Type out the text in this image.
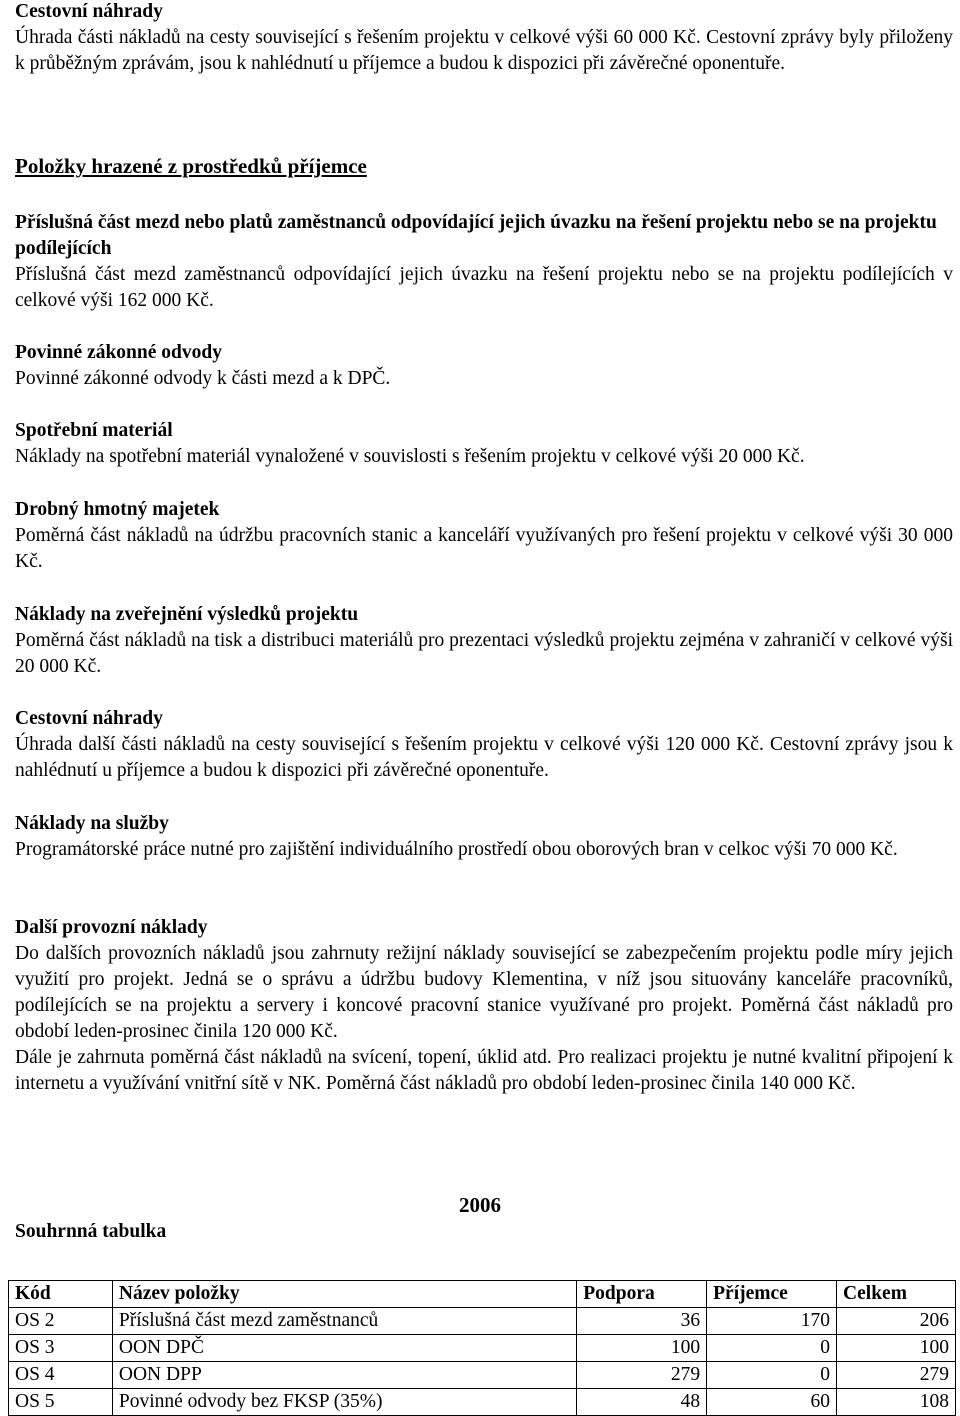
Cestovní náhrady
Úhrada části nákladů na cesty související s řešením projektu v celkové výši 60 000 Kč. Cestovní zprávy byly přiloženy k průběžným zprávám, jsou k nahlédnutí u příjemce a budou k dispozici při závěrečné oponentuře.
Položky hrazené z prostředků příjemce
Příslušná část mezd nebo platů zaměstnanců odpovídající jejich úvazku na řešení projektu nebo se na projektu podílejících
Příslušná část mezd zaměstnanců odpovídající jejich úvazku na řešení projektu nebo se na projektu podílejících v celkové výši 162 000 Kč.
Povinné zákonné odvody
Povinné zákonné odvody k části mezd a k DPČ.
Spotřební materiál
Náklady na spotřební materiál vynaložené v souvislosti s řešením projektu v celkové výši 20 000 Kč.
Drobný hmotný majetek
Poměrná část nákladů na údržbu pracovních stanic a kanceláří využívaných pro řešení projektu v celkové výši 30 000 Kč.
Náklady na zveřejnění výsledků projektu
Poměrná část nákladů na tisk a distribuci materiálů pro prezentaci výsledků projektu zejména v zahraničí v celkové výši 20 000 Kč.
Cestovní náhrady
Úhrada další části nákladů na cesty související s řešením projektu v celkové výši 120 000 Kč. Cestovní zprávy jsou k nahlédnutí u příjemce a budou k dispozici při závěrečné oponentuře.
Náklady na služby
Programátorské práce nutné pro zajištění individuálního prostředí obou oborových bran v celkoc výši 70 000 Kč.
Další provozní náklady
Do dalších provozních nákladů jsou zahrnuty režijní náklady související se zabezpečením projektu podle míry jejich využití pro projekt. Jedná se o správu a údržbu budovy Klementina, v níž jsou situovány kanceláře pracovníků, podílejících se na projektu a servery i koncové pracovní stanice využívané pro projekt. Poměrná část nákladů pro období leden-prosinec činila 120 000 Kč.
Dále je zahrnuta poměrná část nákladů na svícení, topení, úklid atd. Pro realizaci projektu je nutné kvalitní připojení k internetu a využívání vnitřní sítě v NK. Poměrná část nákladů pro období leden-prosinec činila 140 000 Kč.
2006
Souhrnná tabulka
Kód	Název položky	Podpora	Příjemce	Celkem
OS 2	Příslušná část mezd zaměstnanců	36	170	206
OS 3	OON DPČ	100	0	100
OS 4	OON DPP	279	0	279
OS 5	Povinné odvody bez FKSP (35%)	48	60	108
